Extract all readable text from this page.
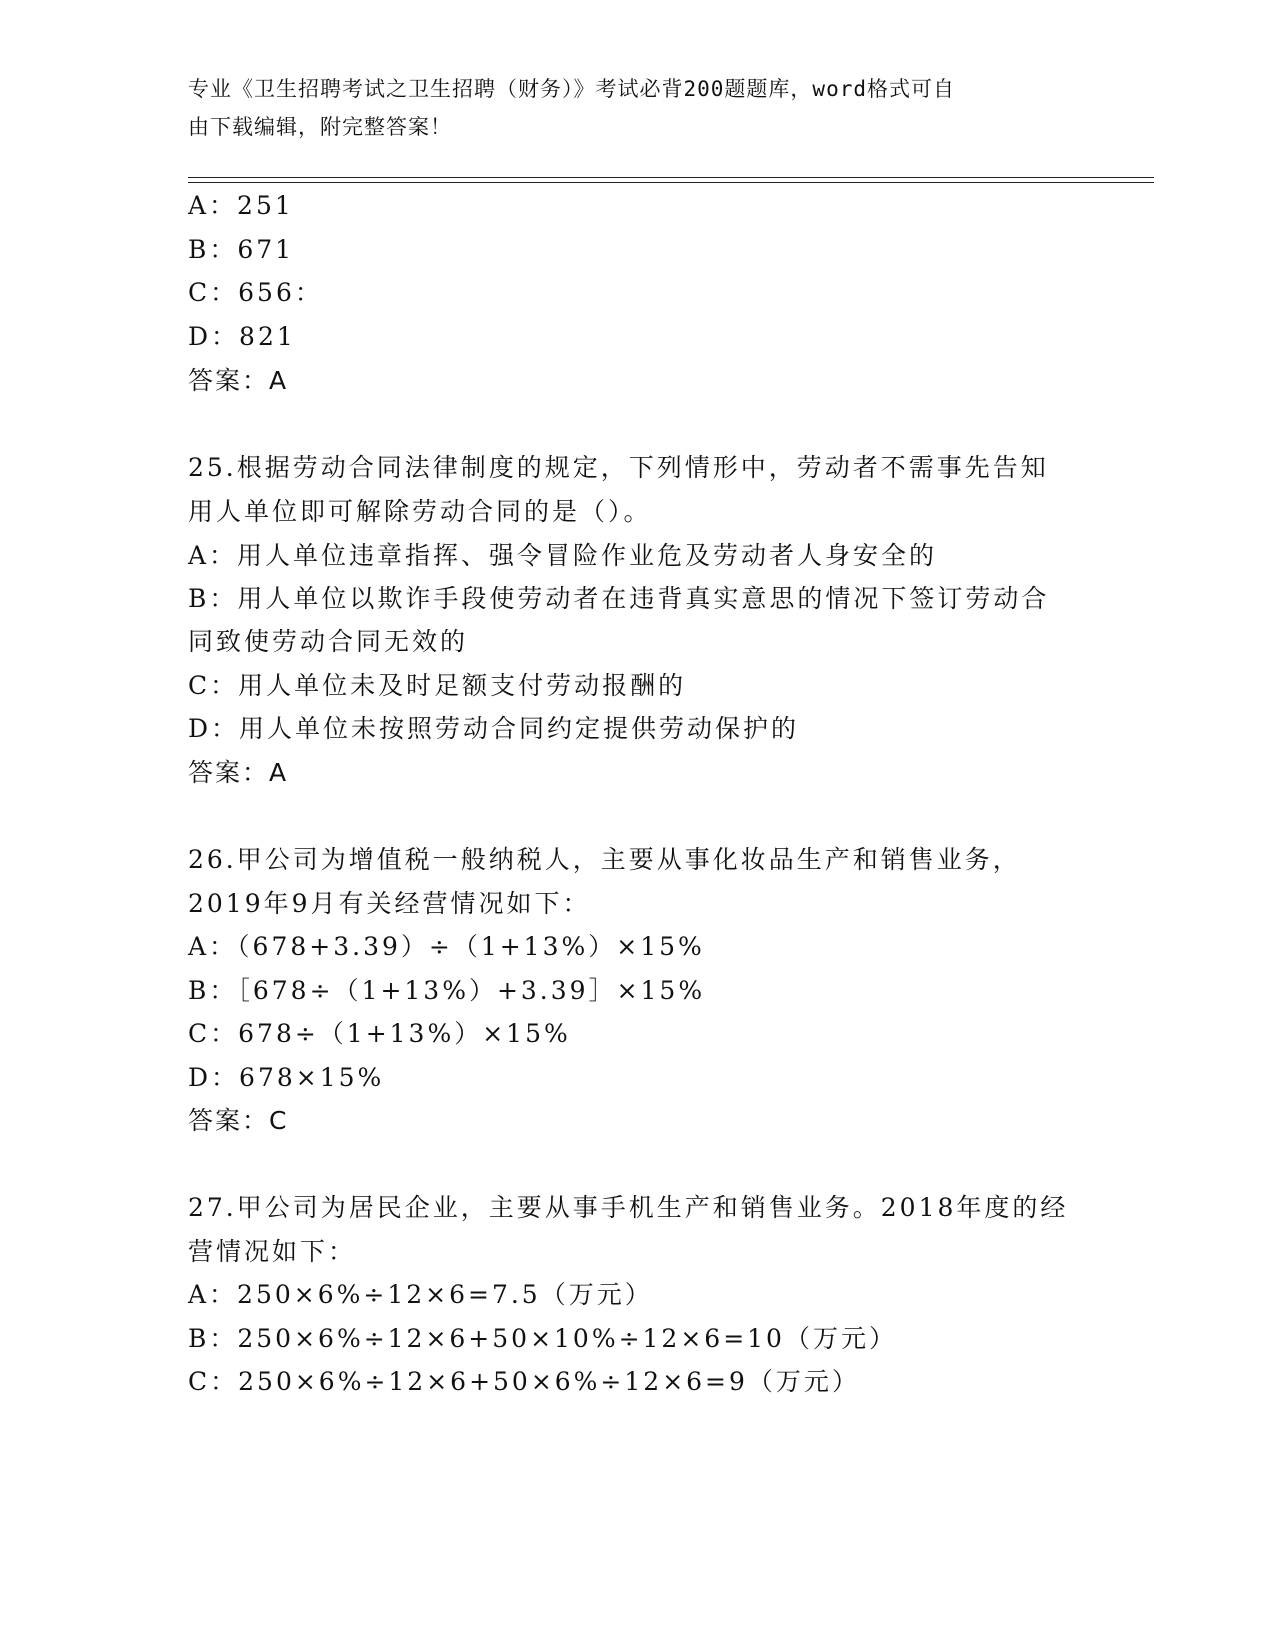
专业《卫生招聘考试之卫生招聘（财务）》考试必背200题题库，word格式可自
由下载编辑，附完整答案！
A：251
B：671
C：656：
D：821
答案：A
25.根据劳动合同法律制度的规定，下列情形中，劳动者不需事先告知
用人单位即可解除劳动合同的是（）。
A：用人单位违章指挥、强令冒险作业危及劳动者人身安全的
B：用人单位以欺诈手段使劳动者在违背真实意思的情况下签订劳动合
同致使劳动合同无效的
C：用人单位未及时足额支付劳动报酬的
D：用人单位未按照劳动合同约定提供劳动保护的
答案：A
26.甲公司为增值税一般纳税人，主要从事化妆品生产和销售业务，
2019年9月有关经营情况如下：
A：（678+3.39）÷（1+13%）×15%
B：［678÷（1+13%）+3.39］×15%
C：678÷（1+13%）×15%
D：678×15%
答案：C
27.甲公司为居民企业，主要从事手机生产和销售业务。2018年度的经
营情况如下：
A：250×6%÷12×6=7.5（万元）
B：250×6%÷12×6+50×10%÷12×6=10（万元）
C：250×6%÷12×6+50×6%÷12×6=9（万元）
